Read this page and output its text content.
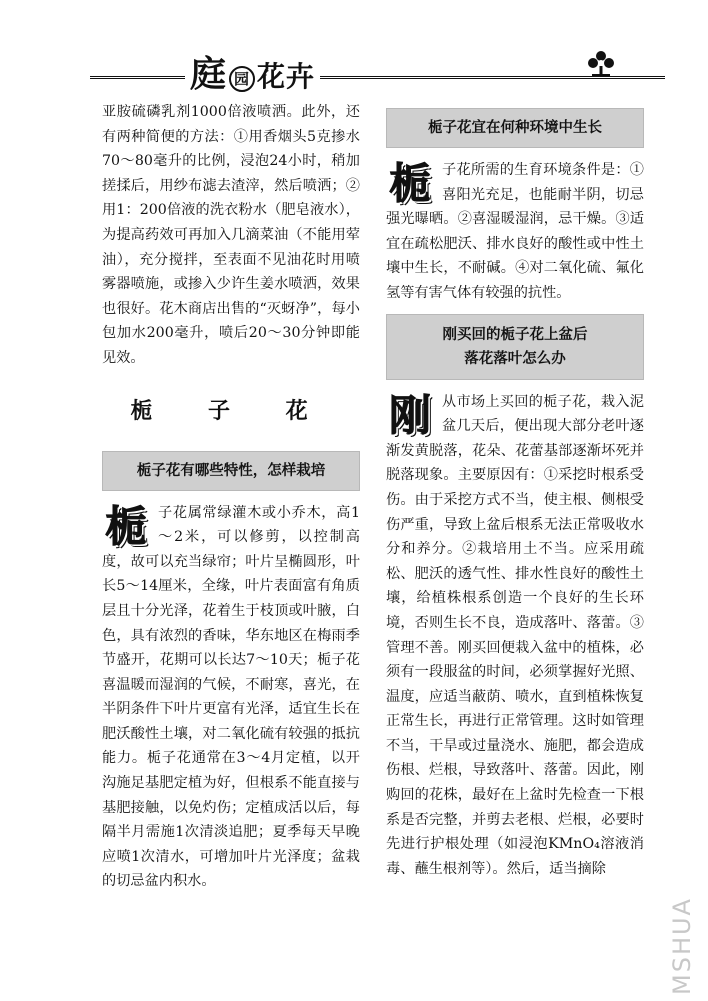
庭 园 花卉

亚胺硫磷乳剂1000倍液喷洒。此外，还有两种简便的方法：①用香烟头5克掺水70～80毫升的比例，浸泡24小时，稍加搓揉后，用纱布滤去渣滓，然后喷洒；②用1：200倍液的洗衣粉水（肥皂液水），为提高药效可再加入几滴菜油（不能用荤油），充分搅拌，至表面不见油花时用喷雾器喷施，或掺入少许生姜水喷洒，效果也很好。花木商店出售的“灭蚜净”，每小包加水200毫升，喷后20～30分钟即能见效。

栀 子 花
栀子花有哪些特性，怎样栽培

栀子花属常绿灌木或小乔木，高1～2米，可以修剪，以控制高度，故可以充当绿帘；叶片呈椭圆形，叶长5～14厘米，全缘，叶片表面富有角质层且十分光泽，花着生于枝顶或叶腋，白色，具有浓烈的香味，华东地区在梅雨季节盛开，花期可以长达7～10天；栀子花喜温暖而湿润的气候，不耐寒，喜光，在半阴条件下叶片更富有光泽，适宜生长在肥沃酸性土壤，对二氧化硫有较强的抵抗能力。栀子花通常在3～4月定植，以开沟施足基肥定植为好，但根系不能直接与基肥接触，以免灼伤；定植成活以后，每隔半月需施1次清淡追肥；夏季每天早晚应喷1次清水，可增加叶片光泽度；盆栽的切忌盆内积水。

栀子花宜在何种环境中生长

栀子花所需的生育环境条件是：①喜阳光充足，也能耐半阴，切忌强光曝晒。②喜湿暖湿润，忌干燥。③适宜在疏松肥沃、排水良好的酸性或中性土壤中生长，不耐碱。④对二氧化硫、氟化氢等有害气体有较强的抗性。

刚买回的栀子花上盆后
落花落叶怎么办

刚从市场上买回的栀子花，栽入泥盆几天后，便出现大部分老叶逐渐发黄脱落，花朵、花蕾基部逐渐坏死并脱落现象。主要原因有：①采挖时根系受伤。由于采挖方式不当，使主根、侧根受伤严重，导致上盆后根系无法正常吸收水分和养分。②栽培用土不当。应采用疏松、肥沃的透气性、排水性良好的酸性土壤，给植株根系创造一个良好的生长环境，否则生长不良，造成落叶、落蕾。③管理不善。刚买回便栽入盆中的植株，必须有一段服盆的时间，必须掌握好光照、温度，应适当蔽荫、喷水，直到植株恢复正常生长，再进行正常管理。这时如管理不当，干旱或过量浇水、施肥，都会造成伤根、烂根，导致落叶、落蕾。因此，刚购回的花株，最好在上盆时先检查一下根系是否完整，并剪去老根、烂根，必要时先进行护根处理（如浸泡KMnO₄溶液消毒、蘸生根剂等）。然后，适当摘除

MSHUA
